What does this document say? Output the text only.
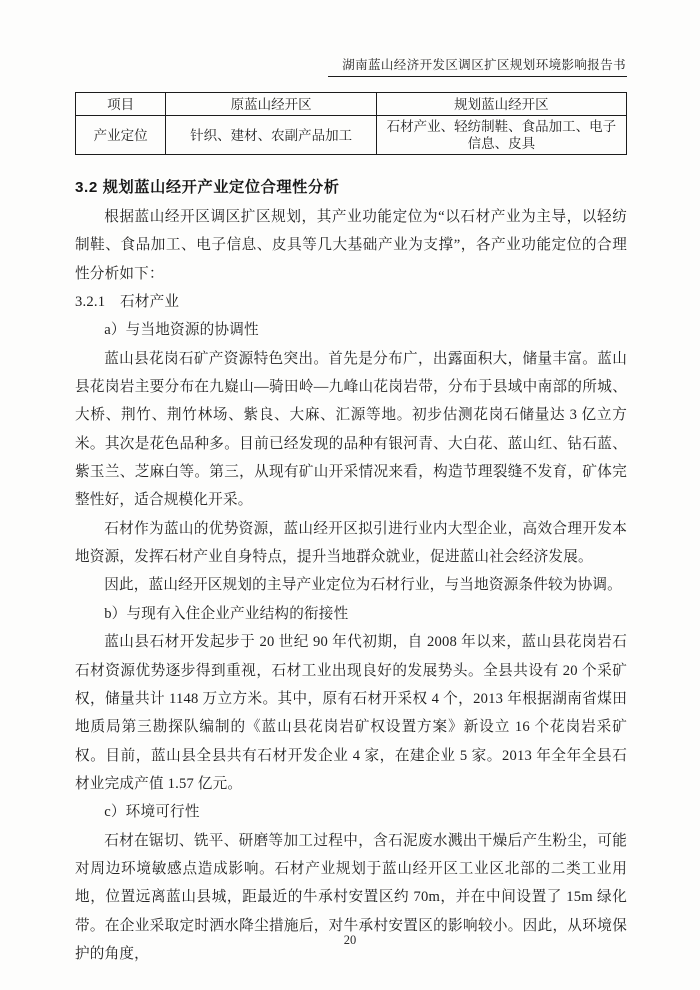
湖南蓝山经济开发区调区扩区规划环境影响报告书
项目	原蓝山经开区	规划蓝山经开区
产业定位	针织、建材、农副产品加工	石材产业、轻纺制鞋、食品加工、电子信息、皮具
3.2 规划蓝山经开产业定位合理性分析

根据蓝山经开区调区扩区规划，其产业功能定位为“以石材产业为主导，以轻纺制鞋、食品加工、电子信息、皮具等几大基础产业为支撑”，各产业功能定位的合理性分析如下：

3.2.1　石材产业

a）与当地资源的协调性

蓝山县花岗石矿产资源特色突出。首先是分布广，出露面积大，储量丰富。蓝山县花岗岩主要分布在九嶷山—骑田岭—九峰山花岗岩带，分布于县域中南部的所城、大桥、荆竹、荆竹林场、紫良、大麻、汇源等地。初步估测花岗石储量达 3 亿立方米。其次是花色品种多。目前已经发现的品种有银河青、大白花、蓝山红、钻石蓝、紫玉兰、芝麻白等。第三，从现有矿山开采情况来看，构造节理裂缝不发育，矿体完整性好，适合规模化开采。

石材作为蓝山的优势资源，蓝山经开区拟引进行业内大型企业，高效合理开发本地资源，发挥石材产业自身特点，提升当地群众就业，促进蓝山社会经济发展。

因此，蓝山经开区规划的主导产业定位为石材行业，与当地资源条件较为协调。

b）与现有入住企业产业结构的衔接性

蓝山县石材开发起步于 20 世纪 90 年代初期，自 2008 年以来，蓝山县花岗岩石石材资源优势逐步得到重视，石材工业出现良好的发展势头。全县共设有 20 个采矿权，储量共计 1148 万立方米。其中，原有石材开采权 4 个，2013 年根据湖南省煤田地质局第三勘探队编制的《蓝山县花岗岩矿权设置方案》新设立 16 个花岗岩采矿权。目前，蓝山县全县共有石材开发企业 4 家，在建企业 5 家。2013 年全年全县石材业完成产值 1.57 亿元。

c）环境可行性

石材在锯切、铣平、研磨等加工过程中，含石泥废水溅出干燥后产生粉尘，可能对周边环境敏感点造成影响。石材产业规划于蓝山经开区工业区北部的二类工业用地，位置远离蓝山县城，距最近的牛承村安置区约 70m，并在中间设置了 15m 绿化带。在企业采取定时洒水降尘措施后，对牛承村安置区的影响较小。因此，从环境保护的角度，

20
